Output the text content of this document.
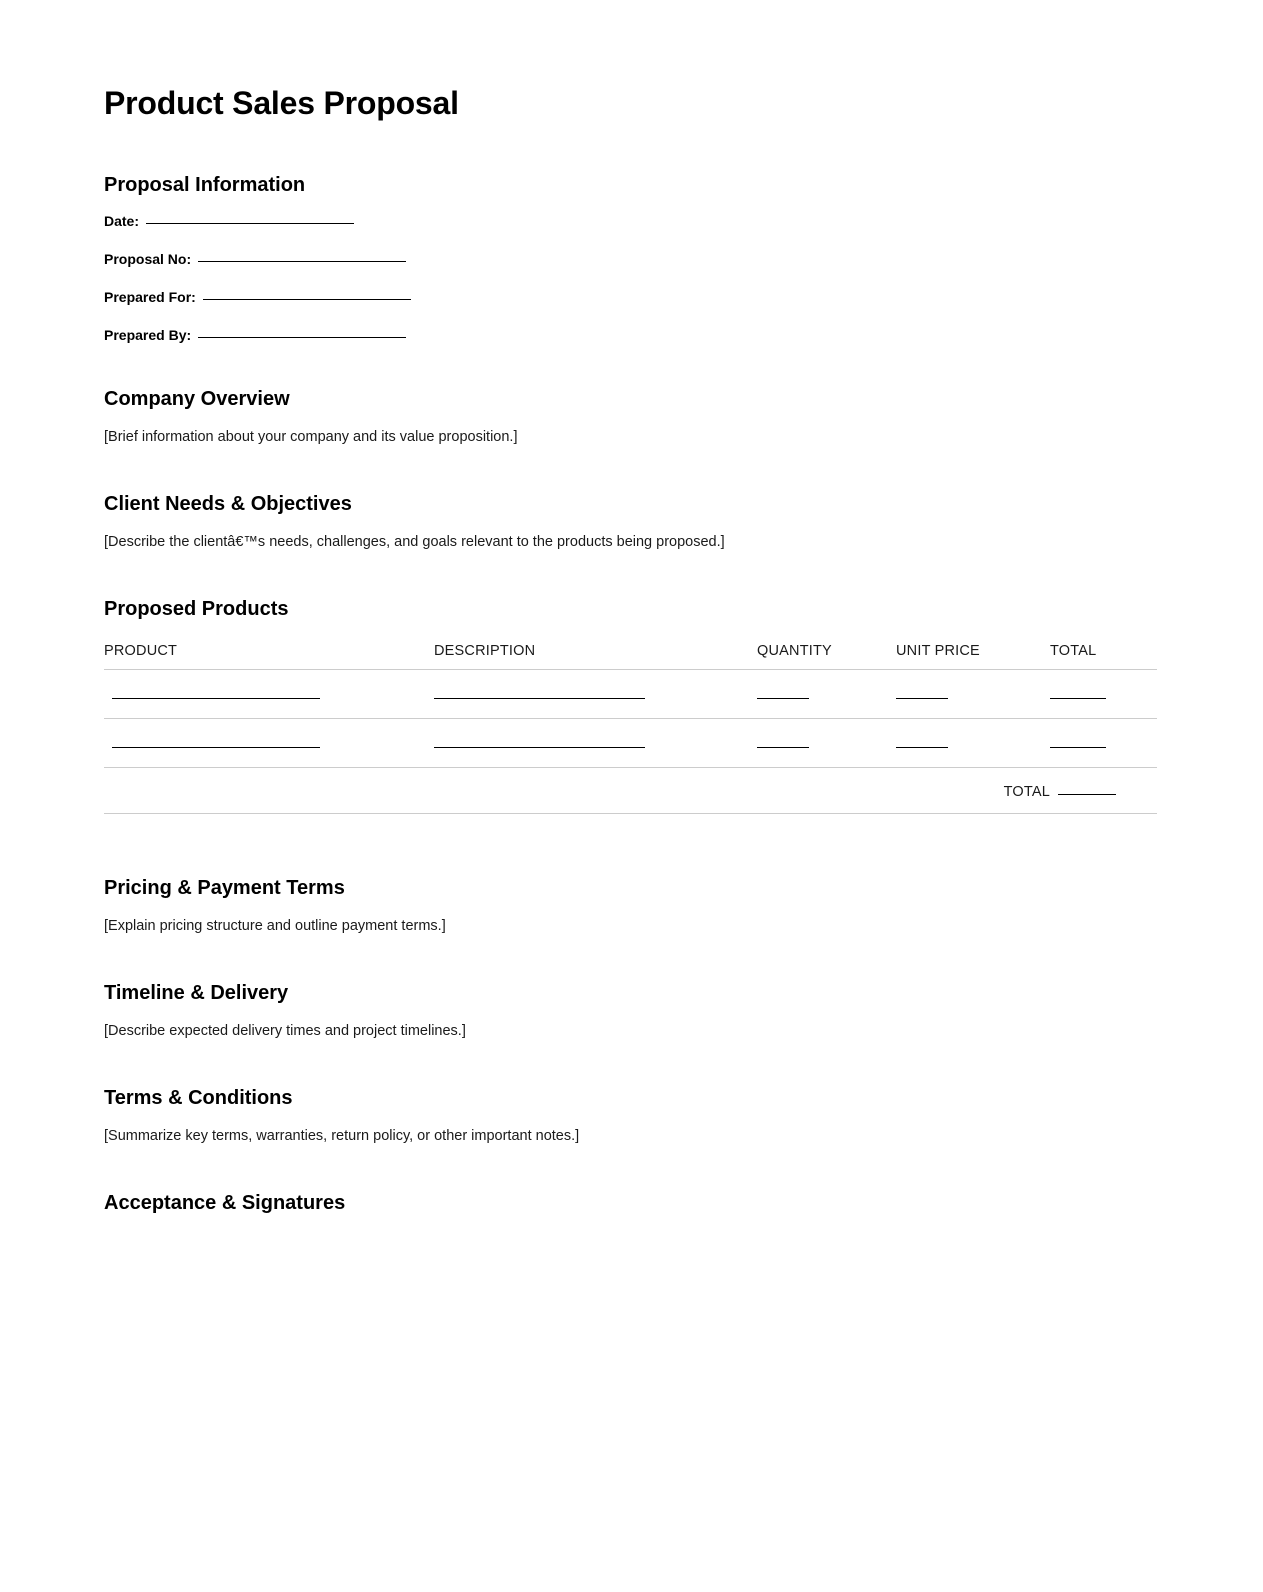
Product Sales Proposal
Proposal Information
Date:
Proposal No:
Prepared For:
Prepared By:
Company Overview

[Brief information about your company and its value proposition.]

Client Needs & Objectives

[Describe the clientâ€™s needs, challenges, and goals relevant to the products being proposed.]

Proposed Products
PRODUCT	DESCRIPTION	QUANTITY	UNIT PRICE	TOTAL

			TOTAL	
Pricing & Payment Terms

[Explain pricing structure and outline payment terms.]

Timeline & Delivery

[Describe expected delivery times and project timelines.]

Terms & Conditions

[Summarize key terms, warranties, return policy, or other important notes.]

Acceptance & Signatures
